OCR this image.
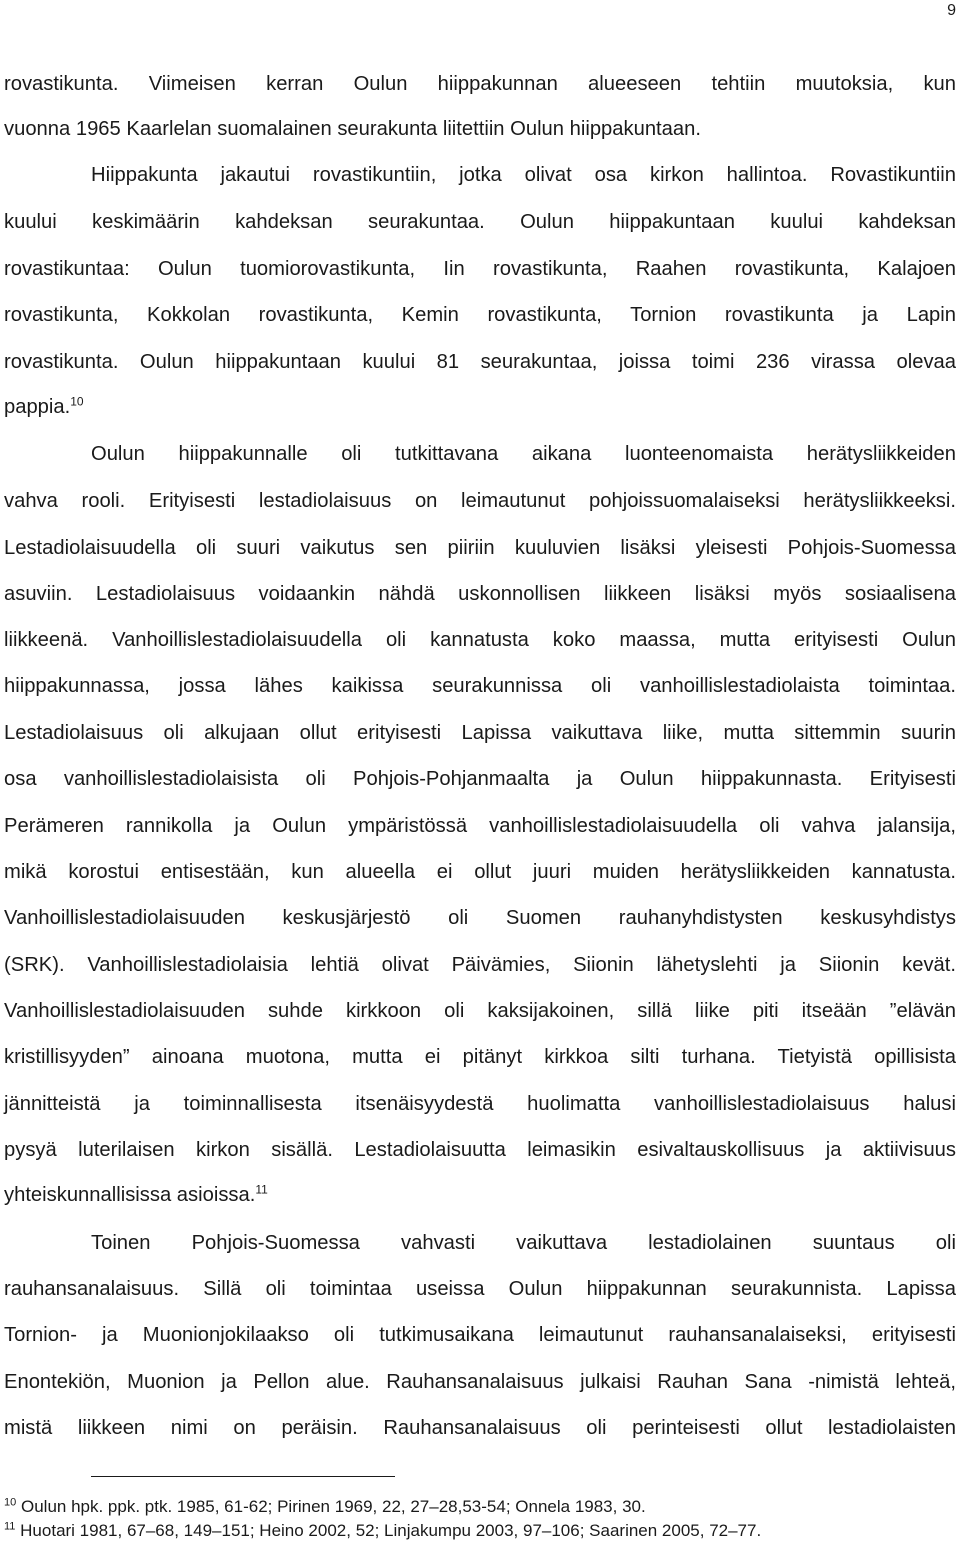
9
rovastikunta. Viimeisen kerran Oulun hiippakunnan alueeseen tehtiin muutoksia, kun
vuonna 1965 Kaarlelan suomalainen seurakunta liitettiin Oulun hiippakuntaan.
Hiippakunta jakautui rovastikuntiin, jotka olivat osa kirkon hallintoa. Rovastikuntiin
kuului keskimäärin kahdeksan seurakuntaa. Oulun hiippakuntaan kuului kahdeksan
rovastikuntaa: Oulun tuomiorovastikunta, Iin rovastikunta, Raahen rovastikunta, Kalajoen
rovastikunta, Kokkolan rovastikunta, Kemin rovastikunta, Tornion rovastikunta ja Lapin
rovastikunta. Oulun hiippakuntaan kuului 81 seurakuntaa, joissa toimi 236 virassa olevaa
pappia.$^{10}$
Oulun hiippakunnalle oli tutkittavana aikana luonteenomaista herätysliikkeiden
vahva rooli. Erityisesti lestadiolaisuus on leimautunut pohjoissuomalaiseksi herätysliikkeeksi.
Lestadiolaisuudella oli suuri vaikutus sen piiriin kuuluvien lisäksi yleisesti Pohjois-Suomessa
asuviin. Lestadiolaisuus voidaankin nähdä uskonnollisen liikkeen lisäksi myös sosiaalisena
liikkeenä. Vanhoillislestadiolaisuudella oli kannatusta koko maassa, mutta erityisesti Oulun
hiippakunnassa, jossa lähes kaikissa seurakunnissa oli vanhoillislestadiolaista toimintaa.
Lestadiolaisuus oli alkujaan ollut erityisesti Lapissa vaikuttava liike, mutta sittemmin suurin
osa vanhoillislestadiolaisista oli Pohjois-Pohjanmaalta ja Oulun hiippakunnasta. Erityisesti
Perämeren rannikolla ja Oulun ympäristössä vanhoillislestadiolaisuudella oli vahva jalansija,
mikä korostui entisestään, kun alueella ei ollut juuri muiden herätysliikkeiden kannatusta.
Vanhoillislestadiolaisuuden keskusjärjestö oli Suomen rauhanyhdistysten keskusyhdistys
(SRK). Vanhoillislestadiolaisia lehtiä olivat Päivämies, Siionin lähetyslehti ja Siionin kevät.
Vanhoillislestadiolaisuuden suhde kirkkoon oli kaksijakoinen, sillä liike piti itseään ”elävän
kristillisyyden” ainoana muotona, mutta ei pitänyt kirkkoa silti turhana. Tietyistä opillisista
jännitteistä ja toiminnallisesta itsenäisyydestä huolimatta vanhoillislestadiolaisuus halusi
pysyä luterilaisen kirkon sisällä. Lestadiolaisuutta leimasikin esivaltauskollisuus ja aktiivisuus
yhteiskunnallisissa asioissa.$^{11}$
Toinen Pohjois-Suomessa vahvasti vaikuttava lestadiolainen suuntaus oli
rauhansanalaisuus. Sillä oli toimintaa useissa Oulun hiippakunnan seurakunnista. Lapissa
Tornion- ja Muonionjokilaakso oli tutkimusaikana leimautunut rauhansanalaiseksi, erityisesti
Enontekiön, Muonion ja Pellon alue. Rauhansanalaisuus julkaisi Rauhan Sana -nimistä lehteä,
mistä liikkeen nimi on peräisin. Rauhansanalaisuus oli perinteisesti ollut lestadiolaisten
$^{10}$ Oulun hpk. ppk. ptk. 1985, 61-62; Pirinen 1969, 22, 27–28,53-54; Onnela 1983, 30.
$^{11}$ Huotari 1981, 67–68, 149–151; Heino 2002, 52; Linjakumpu 2003, 97–106; Saarinen 2005, 72–77.
